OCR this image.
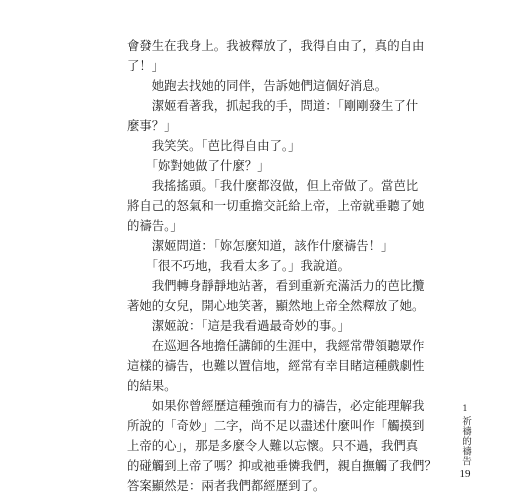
會發生在我身上。我被釋放了，我得自由了，真的自由
了！」
　　她跑去找她的同伴，告訴她們這個好消息。
　　潔姬看著我，抓起我的手，問道：「剛剛發生了什
麼事？」
　　我笑笑。「芭比得自由了。」
　　「妳對她做了什麼？」
　　我搖搖頭。「我什麼都沒做，但上帝做了。當芭比
將自己的怒氣和一切重擔交託給上帝，上帝就垂聽了她
的禱告。」
　　潔姬問道：「妳怎麼知道，該作什麼禱告！」
　　「很不巧地，我看太多了。」我說道。
　　我們轉身靜靜地站著，看到重新充滿活力的芭比攬
著她的女兒，開心地笑著，顯然地上帝全然釋放了她。
　　潔姬說：「這是我看過最奇妙的事。」
　　在巡迴各地擔任講師的生涯中，我經常帶領聽眾作
這樣的禱告，也難以置信地，經常有幸目睹這種戲劇性
的結果。
　　如果你曾經歷這種強而有力的禱告，必定能理解我
所說的「奇妙」二字，尚不足以盡述什麼叫作「觸摸到
上帝的心」，那是多麼令人難以忘懷。只不過，我們真
的碰觸到上帝了嗎？抑或祂垂憐我們，親自撫觸了我們？
答案顯然是：兩者我們都經歷到了。
1
祈禱的禱告
19
